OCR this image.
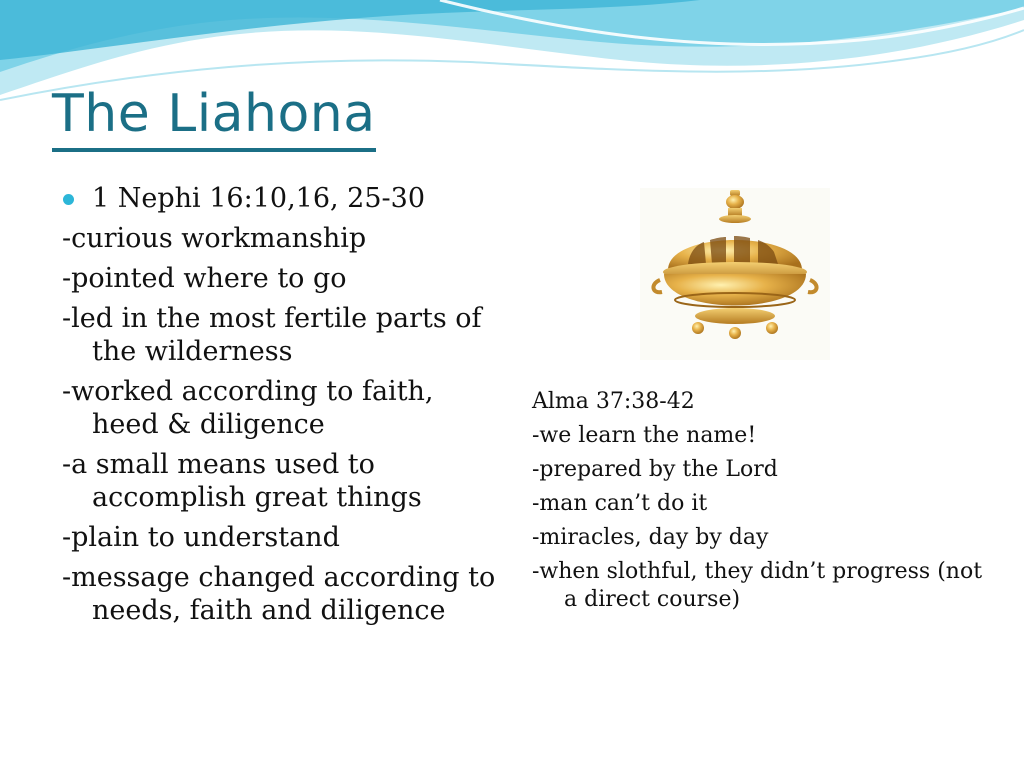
The Liahona
1 Nephi 16:10,16, 25-30
-curious workmanship
-pointed where to go
-led in the most fertile parts of the wilderness
-worked according to faith, heed & diligence
-a small means used to accomplish great things
-plain to understand
-message changed according to needs, faith and diligence
Alma 37:38-42
-we learn the name!
-prepared by the Lord
-man can’t do it
-miracles, day by day
-when slothful, they didn’t progress (not a direct course)
